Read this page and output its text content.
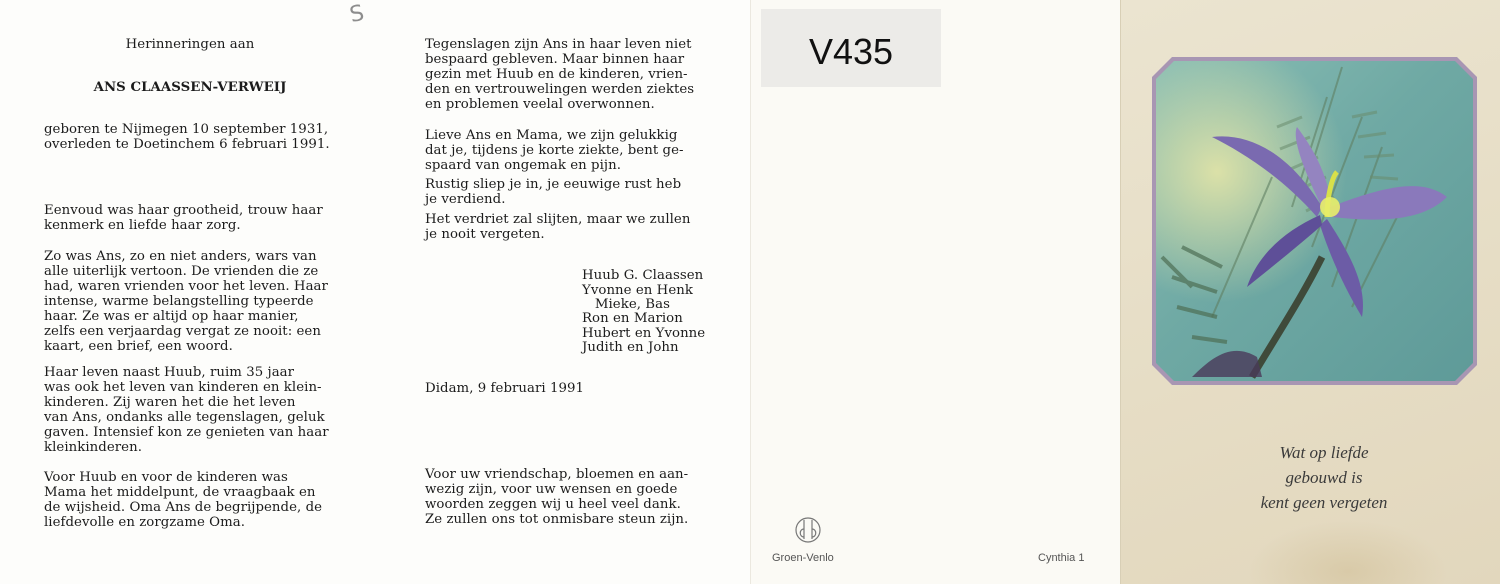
Herinneringen aan
ANS CLAASSEN-VERWEIJ
geboren te Nijmegen 10 september 1931,
overleden te Doetinchem 6 februari 1991.
Eenvoud was haar grootheid, trouw haar
kenmerk en liefde haar zorg.
Zo was Ans, zo en niet anders, wars van
alle uiterlijk vertoon. De vrienden die ze
had, waren vrienden voor het leven. Haar
intense, warme belangstelling typeerde
haar. Ze was er altijd op haar manier,
zelfs een verjaardag vergat ze nooit: een
kaart, een brief, een woord.
Haar leven naast Huub, ruim 35 jaar
was ook het leven van kinderen en klein-
kinderen. Zij waren het die het leven
van Ans, ondanks alle tegenslagen, geluk
gaven. Intensief kon ze genieten van haar
kleinkinderen.
Voor Huub en voor de kinderen was
Mama het middelpunt, de vraagbaak en
de wijsheid. Oma Ans de begrijpende, de
liefdevolle en zorgzame Oma.
S
Tegenslagen zijn Ans in haar leven niet
bespaard gebleven. Maar binnen haar
gezin met Huub en de kinderen, vrien-
den en vertrouwelingen werden ziektes
en problemen veelal overwonnen.
Lieve Ans en Mama, we zijn gelukkig
dat je, tijdens je korte ziekte, bent ge-
spaard van ongemak en pijn.
Rustig sliep je in, je eeuwige rust heb
je verdiend.
Het verdriet zal slijten, maar we zullen
je nooit vergeten.
Huub G. Claassen
Yvonne en Henk
Mieke, Bas
Ron en Marion
Hubert en Yvonne
Judith en John
Didam, 9 februari 1991
Voor uw vriendschap, bloemen en aan-
wezig zijn, voor uw wensen en goede
woorden zeggen wij u heel veel dank.
Ze zullen ons tot onmisbare steun zijn.
V435
Groen-Venlo	Cynthia 1
Wat op liefde
gebouwd is
kent geen vergeten
